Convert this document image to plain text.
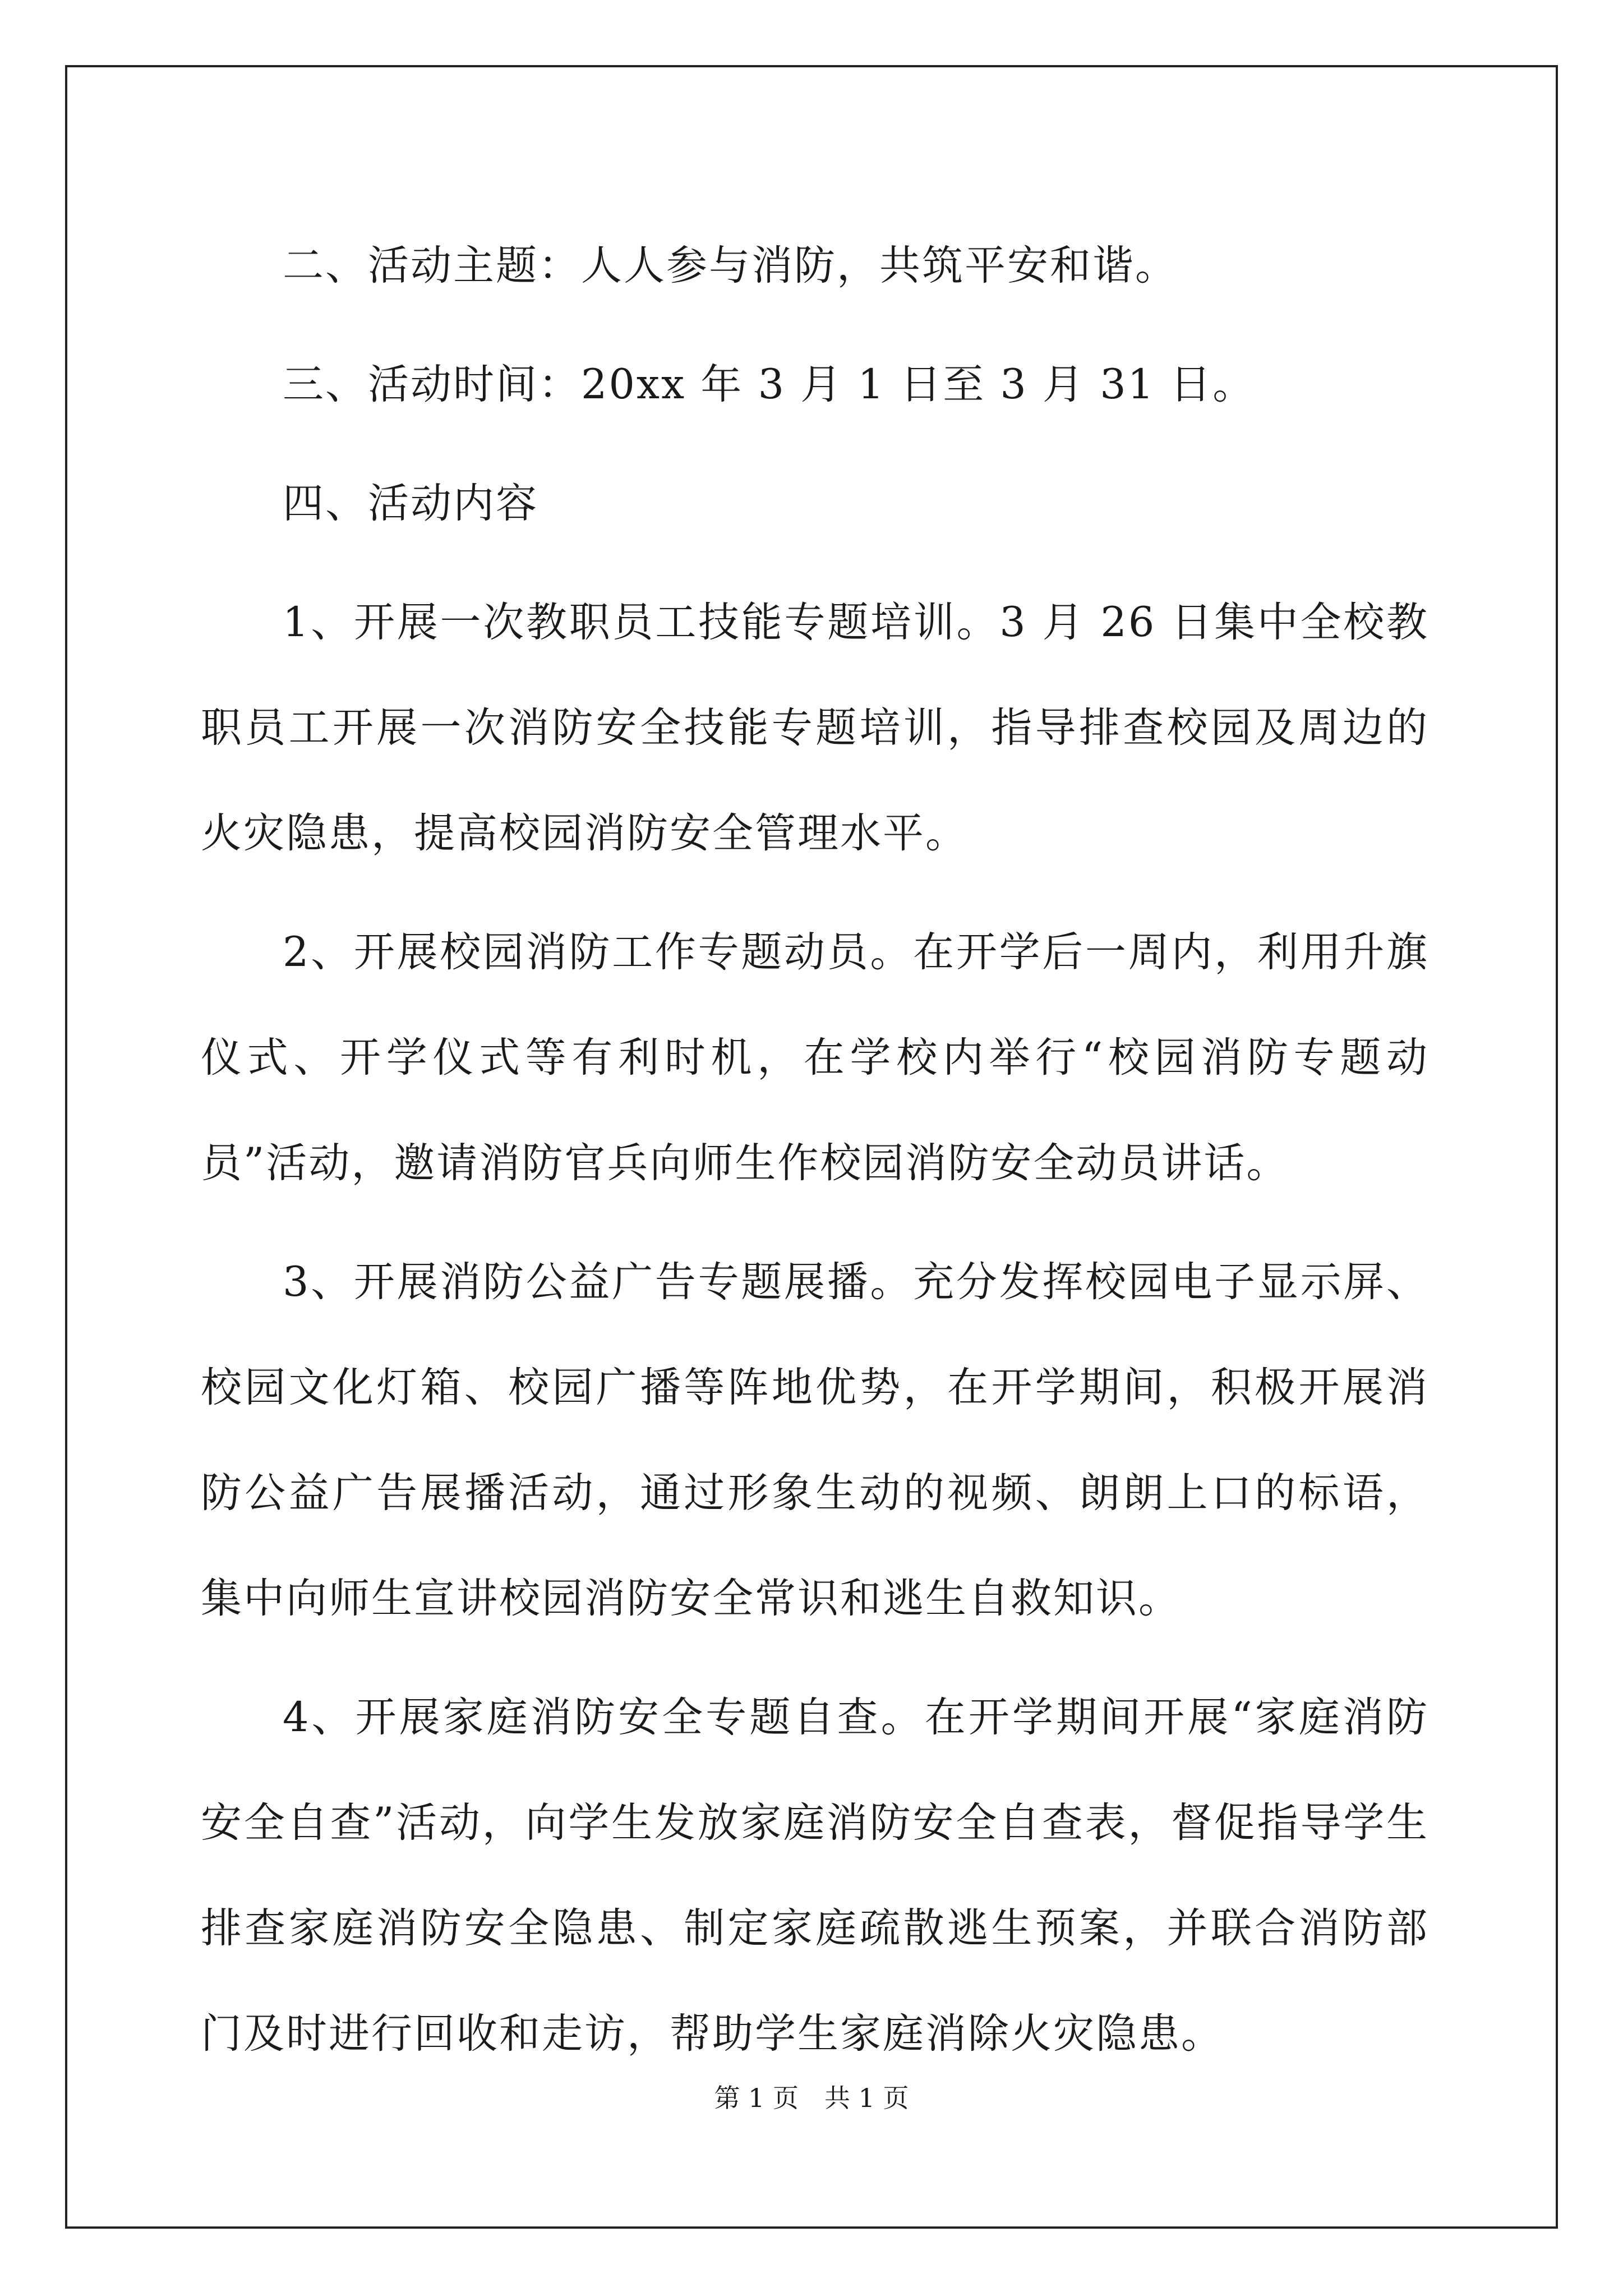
二、活动主题：人人参与消防，共筑平安和谐。

三、活动时间：20xx 年 3 月 1 日至 3 月 31 日。

四、活动内容

1、开展一次教职员工技能专题培训。3 月 26 日集中全校教职员工开展一次消防安全技能专题培训，指导排查校园及周边的火灾隐患，提高校园消防安全管理水平。

2、开展校园消防工作专题动员。在开学后一周内，利用升旗仪式、开学仪式等有利时机，在学校内举行“校园消防专题动员”活动，邀请消防官兵向师生作校园消防安全动员讲话。

3、开展消防公益广告专题展播。充分发挥校园电子显示屏、校园文化灯箱、校园广播等阵地优势，在开学期间，积极开展消防公益广告展播活动，通过形象生动的视频、朗朗上口的标语，集中向师生宣讲校园消防安全常识和逃生自救知识。

4、开展家庭消防安全专题自查。在开学期间开展“家庭消防安全自查”活动，向学生发放家庭消防安全自查表，督促指导学生排查家庭消防安全隐患、制定家庭疏散逃生预案，并联合消防部门及时进行回收和走访，帮助学生家庭消除火灾隐患。

第 1 页　共 1 页
